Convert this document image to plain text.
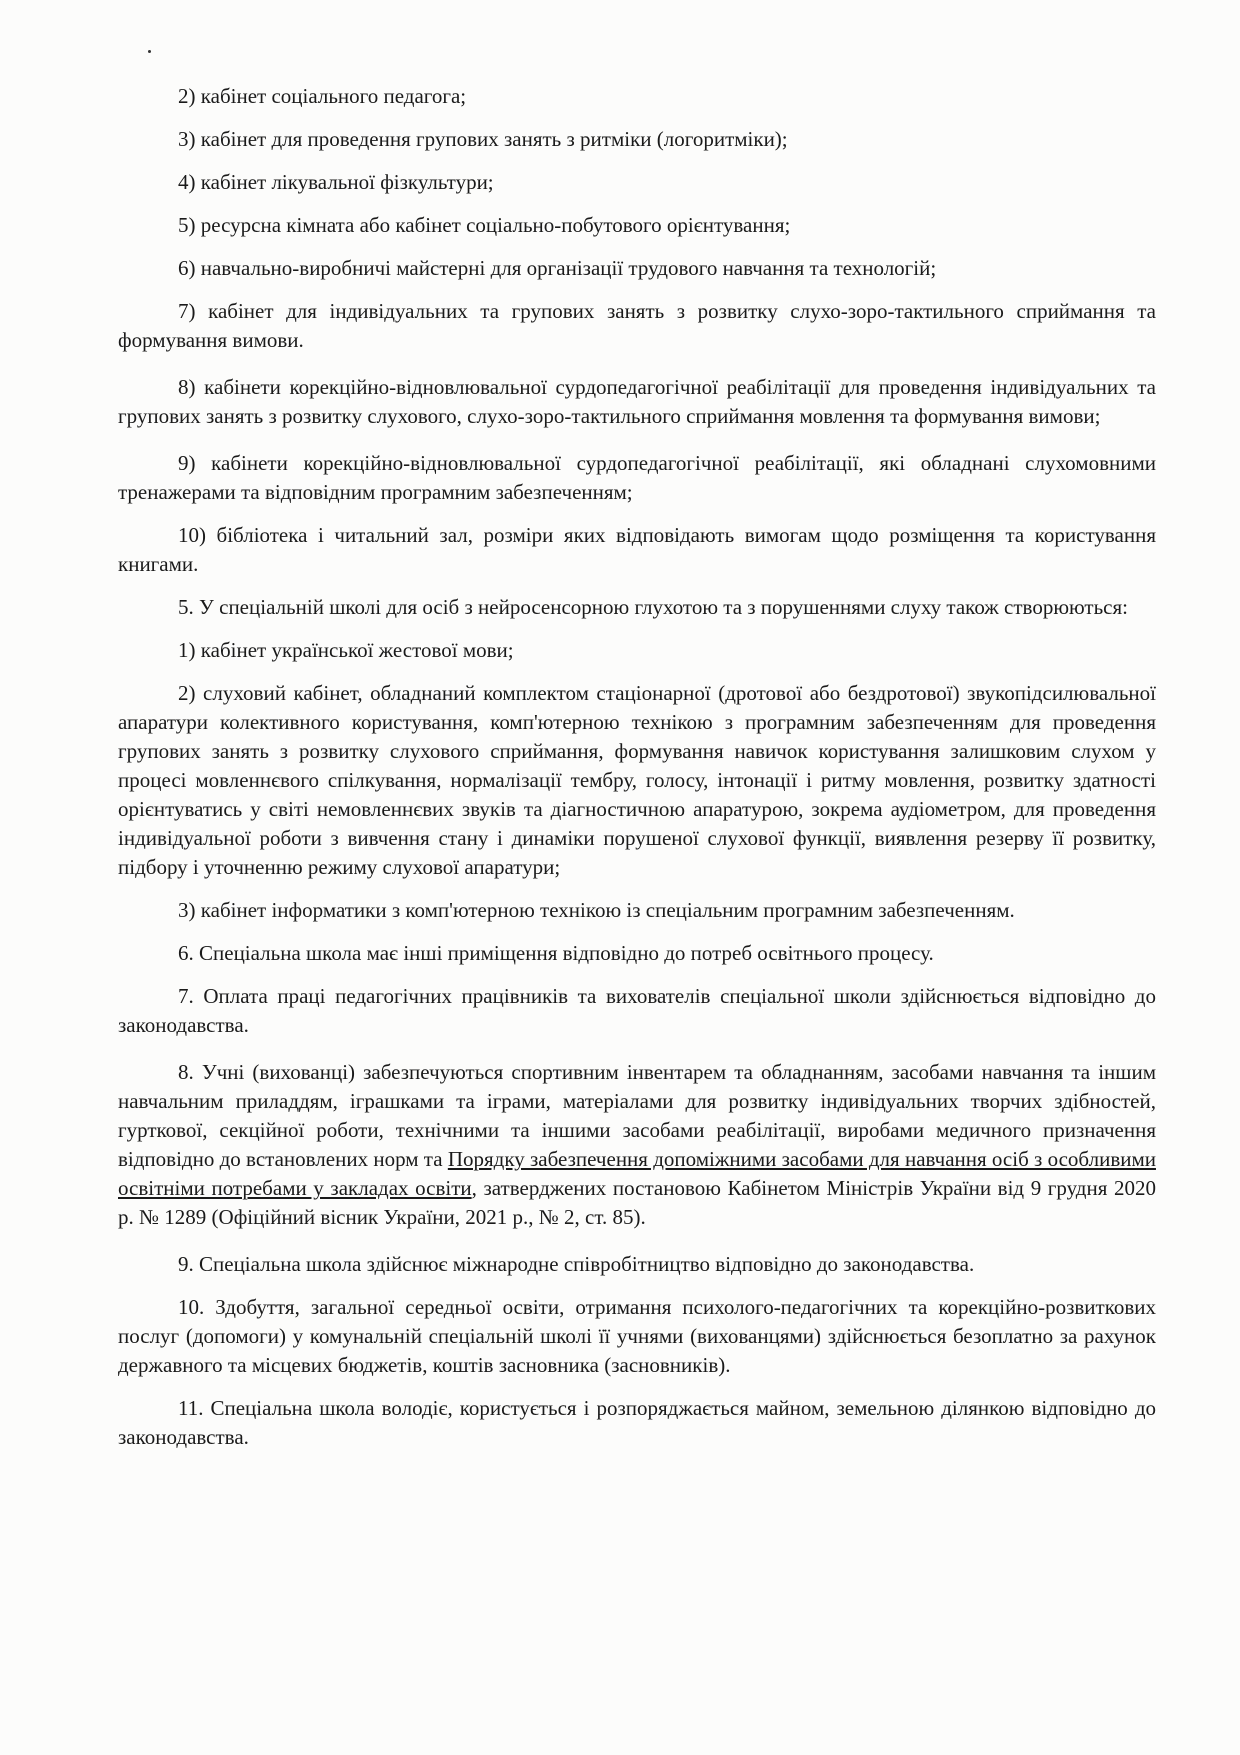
2) кабінет соціального педагога;

3) кабінет для проведення групових занять з ритміки (логоритміки);

4) кабінет лікувальної фізкультури;

5) ресурсна кімната або кабінет соціально-побутового орієнтування;

6) навчально-виробничі майстерні для організації трудового навчання та технологій;

7) кабінет для індивідуальних та групових занять з розвитку слухо-зоро-тактильного сприймання та формування вимови.

8) кабінети корекційно-відновлювальної сурдопедагогічної реабілітації для проведення індивідуальних та групових занять з розвитку слухового, слухо-зоро-тактильного сприймання мовлення та формування вимови;

9) кабінети корекційно-відновлювальної сурдопедагогічної реабілітації, які обладнані слухомовними тренажерами та відповідним програмним забезпеченням;

10) бібліотека і читальний зал, розміри яких відповідають вимогам щодо розміщення та користування книгами.

5. У спеціальній школі для осіб з нейросенсорною глухотою та з порушеннями слуху також створюються:

1) кабінет української жестової мови;

2) слуховий кабінет, обладнаний комплектом стаціонарної (дротової або бездротової) звукопідсилювальної апаратури колективного користування, комп'ютерною технікою з програмним забезпеченням для проведення групових занять з розвитку слухового сприймання, формування навичок користування залишковим слухом у процесі мовленнєвого спілкування, нормалізації тембру, голосу, інтонації і ритму мовлення, розвитку здатності орієнтуватись у світі немовленнєвих звуків та діагностичною апаратурою, зокрема аудіометром, для проведення індивідуальної роботи з вивчення стану і динаміки порушеної слухової функції, виявлення резерву її розвитку, підбору і уточненню режиму слухової апаратури;

3) кабінет інформатики з комп'ютерною технікою із спеціальним програмним забезпеченням.

6. Спеціальна школа має інші приміщення відповідно до потреб освітнього процесу.

7. Оплата праці педагогічних працівників та вихователів спеціальної школи здійснюється відповідно до законодавства.

8. Учні (вихованці) забезпечуються спортивним інвентарем та обладнанням, засобами навчання та іншим навчальним приладдям, іграшками та іграми, матеріалами для розвитку індивідуальних творчих здібностей, гурткової, секційної роботи, технічними та іншими засобами реабілітації, виробами медичного призначення відповідно до встановлених норм та Порядку забезпечення допоміжними засобами для навчання осіб з особливими освітніми потребами у закладах освіти, затверджених постановою Кабінетом Міністрів України від 9 грудня 2020 р. № 1289 (Офіційний вісник України, 2021 р., № 2, ст. 85).

9. Спеціальна школа здійснює міжнародне співробітництво відповідно до законодавства.

10. Здобуття, загальної середньої освіти, отримання психолого-педагогічних та корекційно-розвиткових послуг (допомоги) у комунальній спеціальній школі її учнями (вихованцями) здійснюється безоплатно за рахунок державного та місцевих бюджетів, коштів засновника (засновників).

11. Спеціальна школа володіє, користується і розпоряджається майном, земельною ділянкою відповідно до законодавства.
